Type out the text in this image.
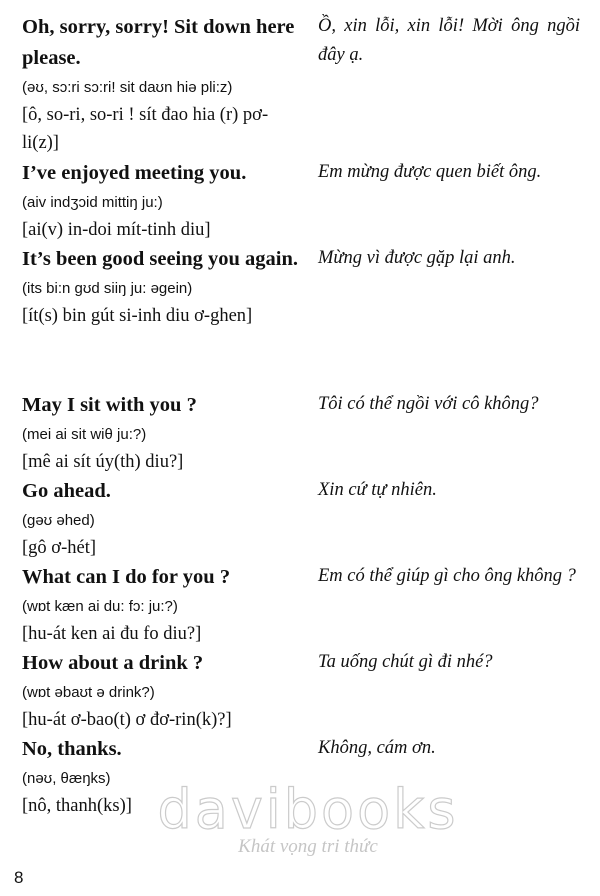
Oh, sorry, sorry! Sit down here please.
(əʊ, sɔ:ri sɔ:ri! sit daʊn hiə pli:z)
[ô, so-ri, so-ri ! sít đao hia (r) pơ-li(z)]
Ồ, xin lỗi, xin lỗi! Mời ông ngồi đây ạ.
I’ve enjoyed meeting you.
(aiv indʒɔid mittiŋ ju:)
[ai(v) in-doi mít-tinh diu]
Em mừng được quen biết ông.
It’s been good seeing you again.
(its bi:n gʊd siiŋ ju: əgein)
[ít(s) bin gút si-inh diu ơ-ghen]
Mừng vì được gặp lại anh.
May I sit with you ?
(mei ai sit wiθ ju:?)
[mê ai sít úy(th) diu?]
Tôi có thể ngồi với cô không?
Go ahead.
(gəʊ əhed)
[gô ơ-hét]
Xin cứ tự nhiên.
What can I do for you ?
(wɒt kæn ai du: fɔ: ju:?)
[hu-át ken ai đu fo diu?]
Em có thể giúp gì cho ông không ?
How about a drink ?
(wɒt əbaʊt ə drink?)
[hu-át ơ-bao(t) ơ đơ-rin(k)?]
Ta uống chút gì đi nhé?
No, thanks.
(nəʊ, θæŋks)
[nô, thanh(ks)]
Không, cám ơn.
davibooks
Khát vọng tri thức
8
